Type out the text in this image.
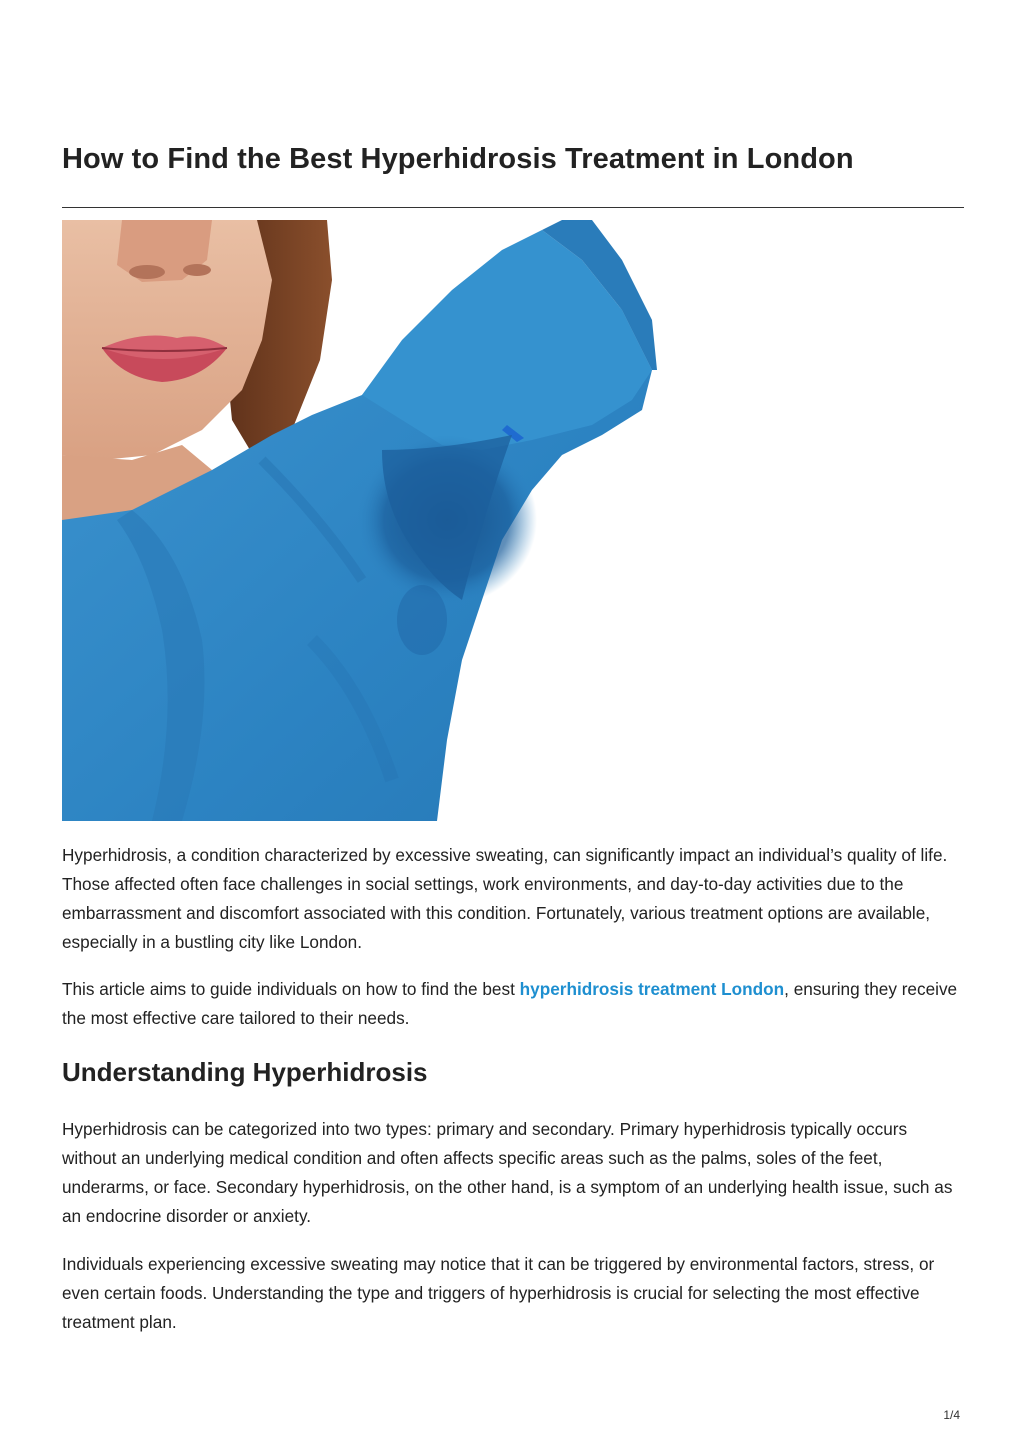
How to Find the Best Hyperhidrosis Treatment in London

Hyperhidrosis, a condition characterized by excessive sweating, can significantly impact an individual’s quality of life. Those affected often face challenges in social settings, work environments, and day-to-day activities due to the embarrassment and discomfort associated with this condition. Fortunately, various treatment options are available, especially in a bustling city like London.

This article aims to guide individuals on how to find the best hyperhidrosis treatment London, ensuring they receive the most effective care tailored to their needs.

Understanding Hyperhidrosis

Hyperhidrosis can be categorized into two types: primary and secondary. Primary hyperhidrosis typically occurs without an underlying medical condition and often affects specific areas such as the palms, soles of the feet, underarms, or face. Secondary hyperhidrosis, on the other hand, is a symptom of an underlying health issue, such as an endocrine disorder or anxiety.

Individuals experiencing excessive sweating may notice that it can be triggered by environmental factors, stress, or even certain foods. Understanding the type and triggers of hyperhidrosis is crucial for selecting the most effective treatment plan.

1/4
